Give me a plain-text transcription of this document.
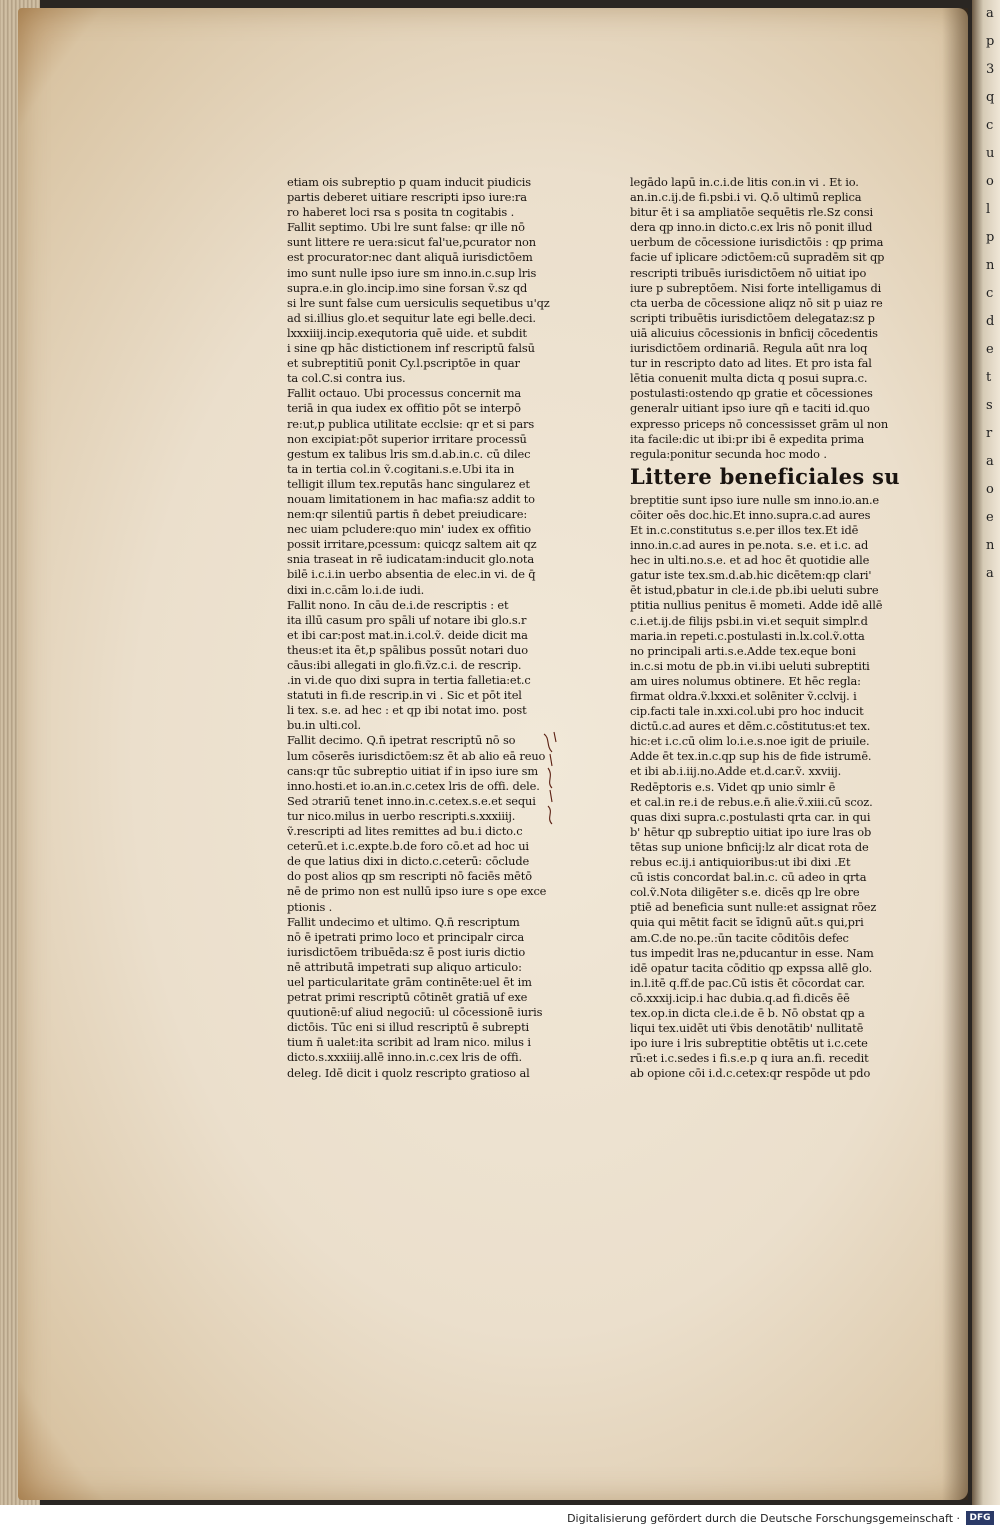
etiam ois subreptio p quam inducit piudicis
partis deberet uitiare rescripti ipso iure:ra
ro haberet loci rsa s posita tn cogitabis .
Fallit septimo. Ubi lre sunt false: qr ille nō
sunt littere re uera:sicut fal'ue,pcurator non
est procurator:nec dant aliquā iurisdictōem
imo sunt nulle ipso iure sm inno.in.c.sup lris
supra.e.in glo.incip.imo sine forsan ṽ.sz qd
si lre sunt false cum uersiculis sequetibus u'qz
ad si.illius glo.et sequitur late egi belle.deci.
lxxxiiij.incip.exequtoria quē uide. et subdit
i sine qp hāc distictionem inf rescriptū falsū
et subreptitiū ponit Cy.l.pscriptōe in quar
ta col.C.si contra ius.
Fallit octauo. Ubi processus concernit ma
teriā in qua iudex ex offitio pōt se interpō
re:ut,p publica utilitate ecclsie: qr et si pars
non excipiat:pōt superior irritare processū
gestum ex talibus lris sm.d.ab.in.c. cū dilec
ta in tertia col.in ṽ.cogitani.s.e.Ubi ita in
telligit illum tex.reputās hanc singularez et
nouam limitationem in hac mafia:sz addit to
nem:qr silentiū partis n̄ debet preiudicare:
nec uiam pcludere:quo min' iudex ex offitio
possit irritare,pcessum: quicqz saltem ait qz
snia traseat in rē iudicatam:inducit glo.nota
bilē i.c.i.in uerbo absentia de elec.in vi. de q̄
dixi in.c.cām lo.i.de iudi.
Fallit nono. In cāu de.i.de rescriptis : et
ita illū casum pro spāli uf notare ibi glo.s.r
et ibi car:post mat.in.i.col.ṽ. deide dicit ma
theus:et ita ēt,p spālibus possūt notari duo
cāus:ibi allegati in glo.fi.ṽz.c.i. de rescrip.
.in vi.de quo dixi supra in tertia falletia:et.c
statuti in fi.de rescrip.in vi . Sic et pōt itel
li tex. s.e. ad hec : et qp ibi notat imo. post
bu.in ulti.col.
Fallit decimo. Q.n̄ ipetrat rescriptū nō so
lum cōserēs iurisdictōem:sz ēt ab alio eā reuo
cans:qr tūc subreptio uitiat if in ipso iure sm
inno.hosti.et io.an.in.c.cetex lris de offi. dele.
Sed ɔtrariū tenet inno.in.c.cetex.s.e.et sequi
tur nico.milus in uerbo rescripti.s.xxxiiij.
ṽ.rescripti ad lites remittes ad bu.i dicto.c
ceterū.et i.c.expte.b.de foro cō.et ad hoc ui
de que latius dixi in dicto.c.ceterū: cōclude
do post alios qp sm rescripti nō faciēs mētō
nē de primo non est nullū ipso iure s ope exce
ptionis .
Fallit undecimo et ultimo. Q.n̄ rescriptum
nō ē ipetrati primo loco et principalr circa
iurisdictōem tribuēda:sz ē post iuris dictio
nē attributā impetrati sup aliquo articulo:
uel particularitate grām continēte:uel ēt im
petrat primi rescriptū cōtinēt gratiā uf exe
quutionē:uf aliud negociū: ul cōcessionē iuris
dictōis. Tūc eni si illud rescriptū ē subrepti
tium n̄ ualet:ita scribit ad lram nico. milus i
dicto.s.xxxiiij.allē inno.in.c.cex lris de offi.
deleg. Idē dicit i quolz rescripto gratioso al
legādo lapū in.c.i.de litis con.in vi . Et io.
an.in.c.ij.de fi.psbi.i vi. Q.ō ultimū replica
bitur ēt i sa ampliatōe sequētis rle.Sz consi
dera qp inno.in dicto.c.ex lris nō ponit illud
uerbum de cōcessione iurisdictōis : qp prima
facie uf iplicare ɔdictōem:cū supradēm sit qp
rescripti tribuēs iurisdictōem nō uitiat ipo
iure p subreptōem. Nisi forte intelligamus di
cta uerba de cōcessione aliqz nō sit p uiaz re
scripti tribuētis iurisdictōem delegataz:sz p
uiā alicuius cōcessionis in bnficij cōcedentis
iurisdictōem ordinariā. Regula aūt nra loq
tur in rescripto dato ad lites. Et pro ista fal
lētia conuenit multa dicta q posui supra.c.
postulasti:ostendo qp gratie et cōcessiones
generalr uitiant ipso iure qn̄ e taciti id.quo
expresso priceps nō concessisset grām ul non
ita facile:dic ut ibi:pr ibi ē expedita prima
regula:ponitur secunda hoc modo .
Littere beneficiales su
breptitie sunt ipso iure nulle sm inno.io.an.e
cōiter oēs doc.hic.Et inno.supra.c.ad aures
Et in.c.constitutus s.e.per illos tex.Et idē
inno.in.c.ad aures in pe.nota. s.e. et i.c. ad
hec in ulti.no.s.e. et ad hoc ēt quotidie alle
gatur iste tex.sm.d.ab.hic dicētem:qp clari'
ēt istud,pbatur in cle.i.de pb.ibi ueluti subre
ptitia nullius penitus ē mometi. Adde idē allē
c.i.et.ij.de filijs psbi.in vi.et sequit simplr.d
maria.in repeti.c.postulasti in.lx.col.ṽ.otta
no principali arti.s.e.Adde tex.eque boni
in.c.si motu de pb.in vi.ibi ueluti subreptiti
am uires nolumus obtinere. Et hēc regla:
firmat oldra.ṽ.lxxxi.et solēniter ṽ.cclvij. i
cip.facti tale in.xxi.col.ubi pro hoc inducit
dictū.c.ad aures et dēm.c.cōstitutus:et tex.
hic:et i.c.cū olim lo.i.e.s.noe igit de priuile.
Adde ēt tex.in.c.qp sup his de fide istrumē.
et ibi ab.i.iij.no.Adde et.d.car.ṽ. xxviij.
Redēptoris e.s. Videt qp unio simlr ē
et cal.in re.i de rebus.e.n̄ alie.ṽ.xiii.cū scoz.
quas dixi supra.c.postulasti qrta car. in qui
b' hētur qp subreptio uitiat ipo iure lras ob
tētas sup unione bnficij:lz alr dicat rota de
rebus ec.ij.i antiquioribus:ut ibi dixi .Et
cū istis concordat bal.in.c. cū adeo in qrta
col.ṽ.Nota diligēter s.e. dicēs qp lre obre
ptiē ad beneficia sunt nulle:et assignat rōez
quia qui mētit facit se īdignū aūt.s qui,pri
am.C.de no.pe.:ūn tacite cōditōis defec
tus impedit lras ne,pducantur in esse. Nam
idē opatur tacita cōditio qp expssa allē glo.
in.l.itē q.ff.de pac.Cū istis ēt cōcordat car.
cō.xxxij.icip.i hac dubia.q.ad fi.dicēs ēē
tex.op.in dicta cle.i.de ē b. Nō obstat qp a
liqui tex.uidēt uti ṽbis denotātib' nullitatē
ipo iure i lris subreptitie obtētis ut i.c.cete
rū:et i.c.sedes i fi.s.e.p q iura an.fi. recedit
ab opione cōi i.d.c.cetex:qr respōde ut pdo
a
p
3
q
c
u
o
l
p
n
c
d
e
t
s
r
a
o
e
n
a
Digitalisierung gefördert durch die Deutsche Forschungsgemeinschaft ·	DFG
